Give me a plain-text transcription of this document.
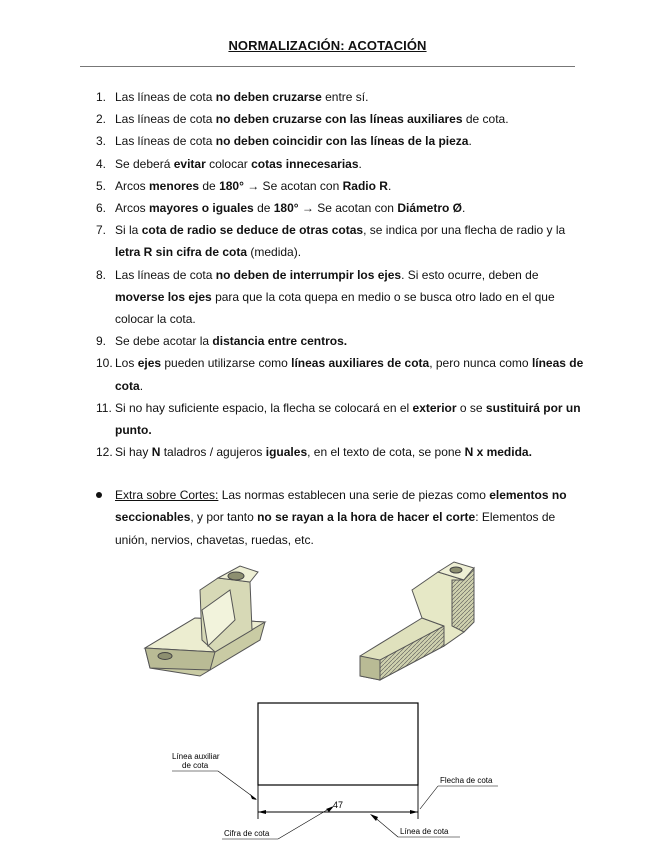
NORMALIZACIÓN: ACOTACIÓN
1. Las líneas de cota no deben cruzarse entre sí.
2. Las líneas de cota no deben cruzarse con las líneas auxiliares de cota.
3. Las líneas de cota no deben coincidir con las líneas de la pieza.
4. Se deberá evitar colocar cotas innecesarias.
5. Arcos menores de 180° → Se acotan con Radio R.
6. Arcos mayores o iguales de 180° → Se acotan con Diámetro Ø.
7. Si la cota de radio se deduce de otras cotas, se indica por una flecha de radio y la letra R sin cifra de cota (medida).
8. Las líneas de cota no deben de interrumpir los ejes. Si esto ocurre, deben de moverse los ejes para que la cota quepa en medio o se busca otro lado en el que colocar la cota.
9. Se debe acotar la distancia entre centros.
10. Los ejes pueden utilizarse como líneas auxiliares de cota, pero nunca como líneas de cota.
11. Si no hay suficiente espacio, la flecha se colocará en el exterior o se sustituirá por un punto.
12. Si hay N taladros / agujeros iguales, en el texto de cota, se pone N x medida.
Extra sobre Cortes: Las normas establecen una serie de piezas como elementos no seccionables, y por tanto no se rayan a la hora de hacer el corte: Elementos de unión, nervios, chavetas, ruedas, etc.
47
Línea auxiliar
de cota
Flecha de cota
Cifra de cota	Línea de cota
